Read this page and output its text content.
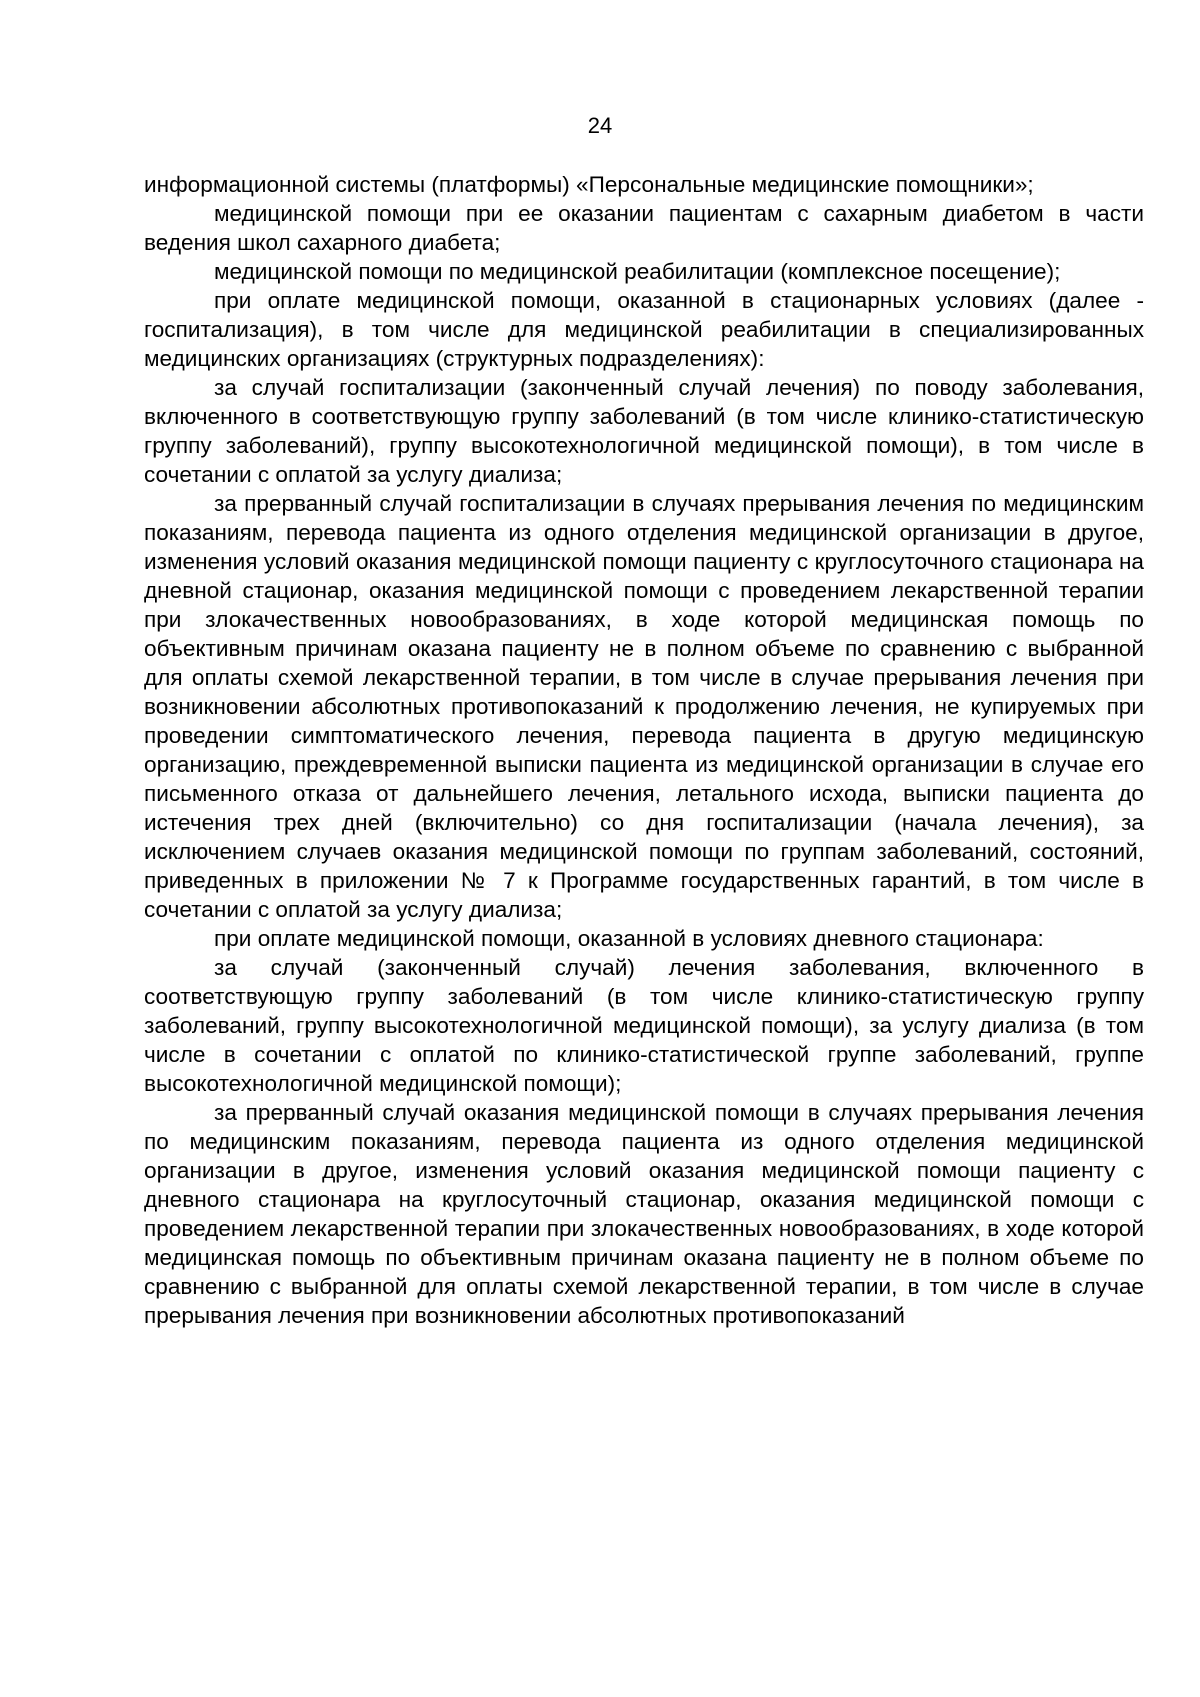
24

информационной системы (платформы) «Персональные медицинские помощники»;

медицинской помощи при ее оказании пациентам с сахарным диабетом в части ведения школ сахарного диабета;

медицинской помощи по медицинской реабилитации (комплексное посещение);

при оплате медицинской помощи, оказанной в стационарных условиях (далее - госпитализация), в том числе для медицинской реабилитации в специализированных медицинских организациях (структурных подразделениях):

за случай госпитализации (законченный случай лечения) по поводу заболевания, включенного в соответствующую группу заболеваний (в том числе клинико-статистическую группу заболеваний), группу высокотехнологичной медицинской помощи), в том числе в сочетании с оплатой за услугу диализа;

за прерванный случай госпитализации в случаях прерывания лечения по медицинским показаниям, перевода пациента из одного отделения медицинской организации в другое, изменения условий оказания медицинской помощи пациенту с круглосуточного стационара на дневной стационар, оказания медицинской помощи с проведением лекарственной терапии при злокачественных новообразованиях, в ходе которой медицинская помощь по объективным причинам оказана пациенту не в полном объеме по сравнению с выбранной для оплаты схемой лекарственной терапии, в том числе в случае прерывания лечения при возникновении абсолютных противопоказаний к продолжению лечения, не купируемых при проведении симптоматического лечения, перевода пациента в другую медицинскую организацию, преждевременной выписки пациента из медицинской организации в случае его письменного отказа от дальнейшего лечения, летального исхода, выписки пациента до истечения трех дней (включительно) со дня госпитализации (начала лечения), за исключением случаев оказания медицинской помощи по группам заболеваний, состояний, приведенных в приложении № 7 к Программе государственных гарантий, в том числе в сочетании с оплатой за услугу диализа;

при оплате медицинской помощи, оказанной в условиях дневного стационара:

за случай (законченный случай) лечения заболевания, включенного в соответствующую группу заболеваний (в том числе клинико-статистическую группу заболеваний, группу высокотехнологичной медицинской помощи), за услугу диализа (в том числе в сочетании с оплатой по клинико-статистической группе заболеваний, группе высокотехнологичной медицинской помощи);

за прерванный случай оказания медицинской помощи в случаях прерывания лечения по медицинским показаниям, перевода пациента из одного отделения медицинской организации в другое, изменения условий оказания медицинской помощи пациенту с дневного стационара на круглосуточный стационар, оказания медицинской помощи с проведением лекарственной терапии при злокачественных новообразованиях, в ходе которой медицинская помощь по объективным причинам оказана пациенту не в полном объеме по сравнению с выбранной для оплаты схемой лекарственной терапии, в том числе в случае прерывания лечения при возникновении абсолютных противопоказаний
